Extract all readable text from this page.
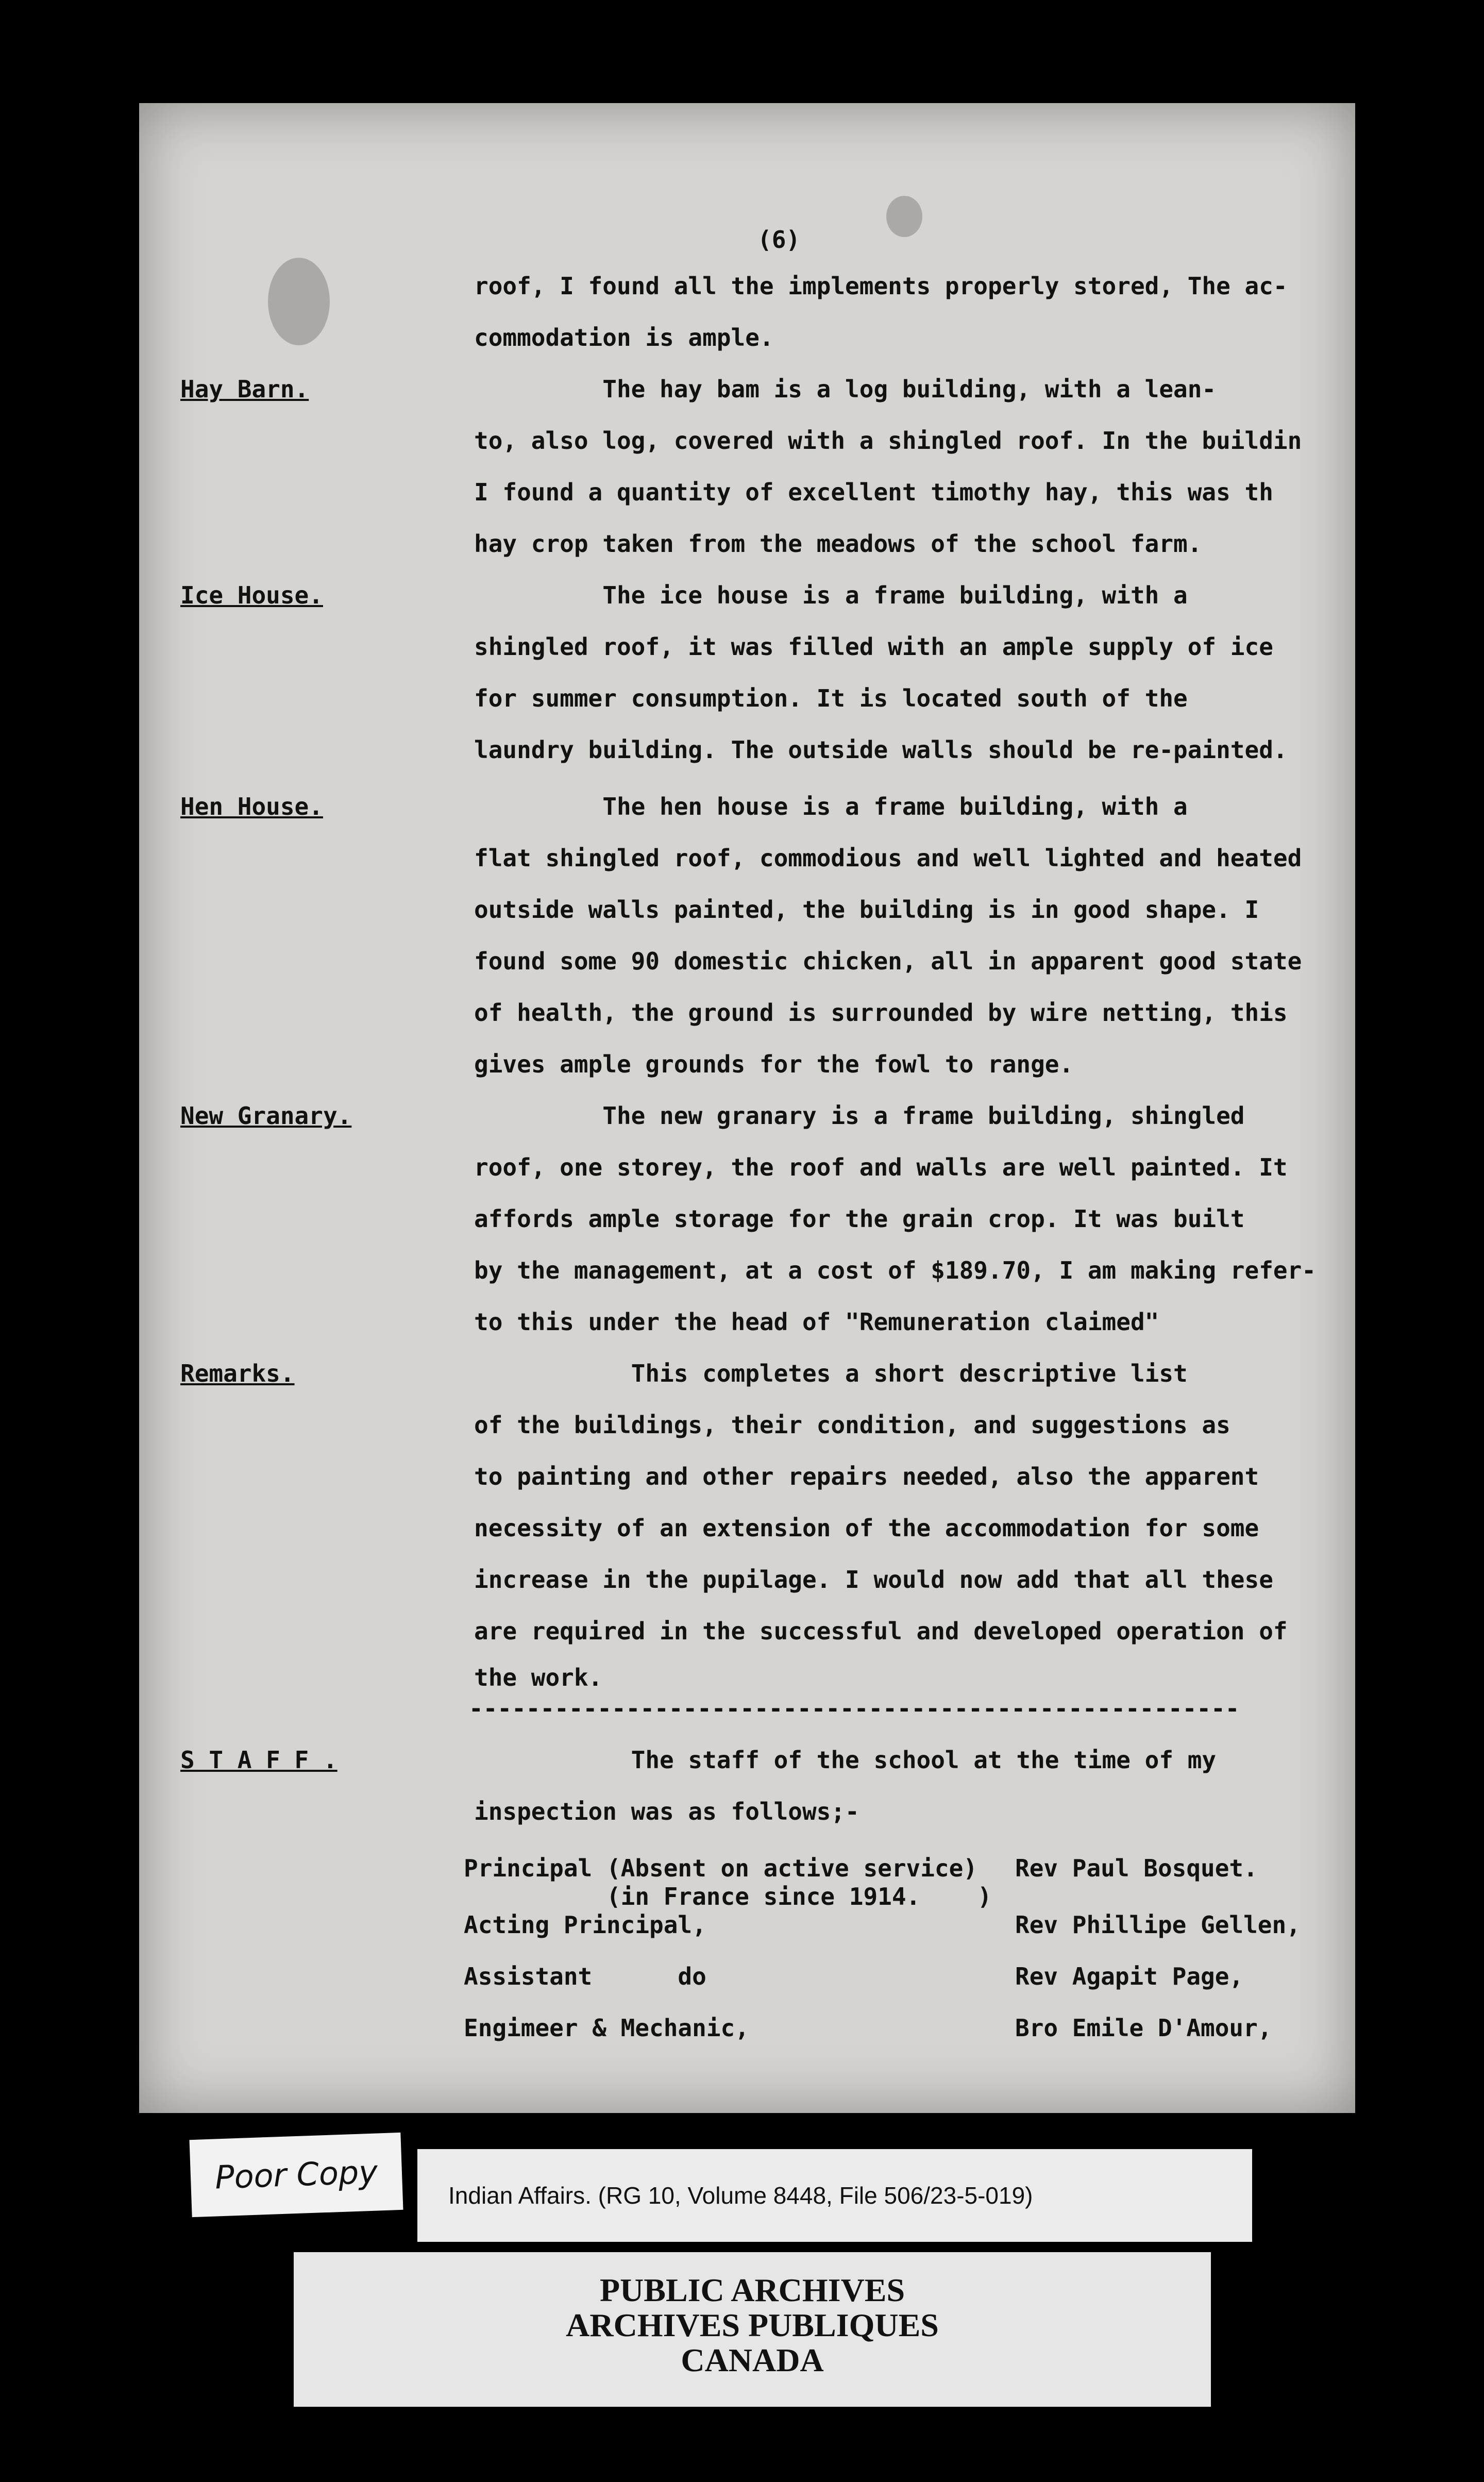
(6)
roof, I found all the implements properly stored, The ac-
commodation is ample.
Hay Barn.	The hay bam is a log building, with a lean-
to, also log, covered with a shingled roof. In the buildin
I found a quantity of excellent timothy hay, this was th
hay crop taken from the meadows of the school farm.
Ice House.	The ice house is a frame building, with a
shingled roof, it was filled with an ample supply of ice
for summer consumption. It is located south of the
laundry building. The outside walls should be re-painted.
Hen House.	The hen house is a frame building, with a
flat shingled roof, commodious and well lighted and heated
outside walls painted, the building is in good shape. I
found some 90 domestic chicken, all in apparent good state
of health, the ground is surrounded by wire netting, this
gives ample grounds for the fowl to range.
New Granary.	The new granary is a frame building, shingled
roof, one storey, the roof and walls are well painted. It
affords ample storage for the grain crop. It was built
by the management, at a cost of $189.70, I am making refer-
to this under the head of "Remuneration claimed"
Remarks.	This completes a short descriptive list
of the buildings, their condition, and suggestions as
to painting and other repairs needed, also the apparent
necessity of an extension of the accommodation for some
increase in the pupilage. I would now add that all these
are required in the successful and developed operation of
the work.
------------------------------------------------------
S T A F F .	The staff of the school at the time of my
inspection was as follows;-
Principal (Absent on active service) Rev Paul Bosquet.
(in France since 1914.    )
Acting Principal,	Rev Phillipe Gellen,
Assistant      do	Rev Agapit Page,
Engimeer & Mechanic,	Bro Emile D'Amour,
Poor Copy	Indian Affairs. (RG 10, Volume 8448, File 506/23-5-019)
PUBLIC ARCHIVES
ARCHIVES PUBLIQUES
CANADA
